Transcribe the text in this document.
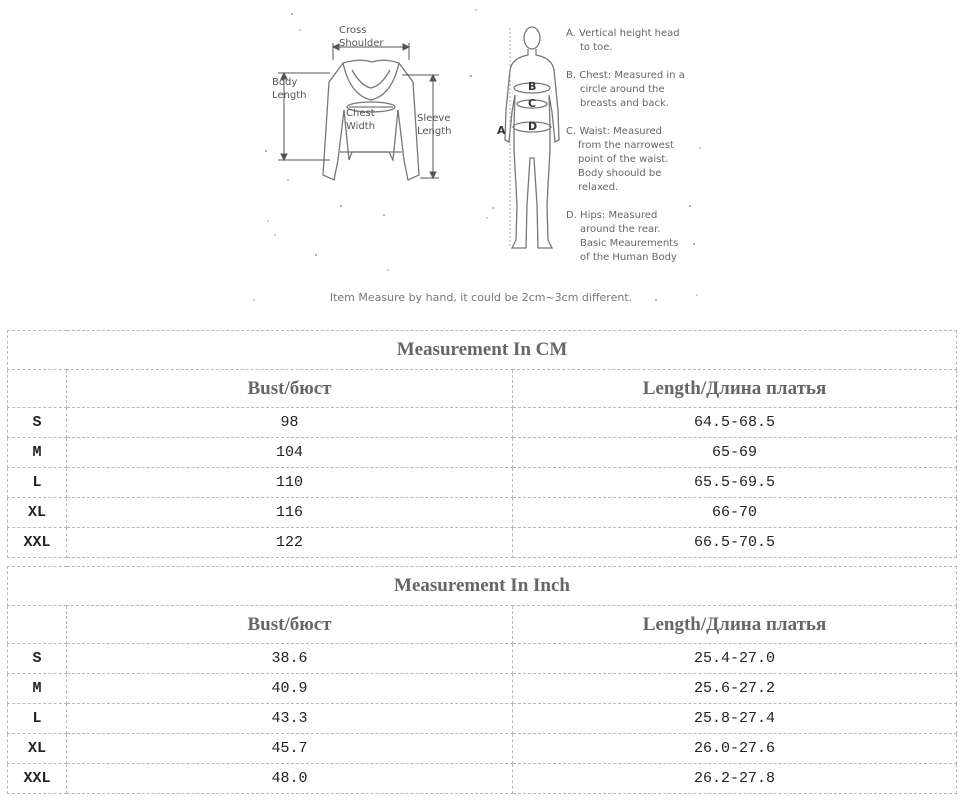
Cross
Shoulder
Body
Length
Chest
Width
Sleeve
Length	A
B
C
D
A. Vertical height head
to toe.
B. Chest: Measured in a
circle around the
breasts and back.
C. Waist: Measured
from the narrowest
point of the waist.
Body shoould be
relaxed.
D. Hips: Measured
around the rear.
Basic Meaurements
of the Human Body
Item Measure by hand, it could be 2cm~3cm different.
Measurement In CM		
	Bust/бюст	Length/Длина платья
S	98	64.5-68.5
M	104	65-69
L	110	65.5-69.5
XL	116	66-70
XXL	122	66.5-70.5
Measurement In Inch		
	Bust/бюст	Length/Длина платья
S	38.6	25.4-27.0
M	40.9	25.6-27.2
L	43.3	25.8-27.4
XL	45.7	26.0-27.6
XXL	48.0	26.2-27.8
